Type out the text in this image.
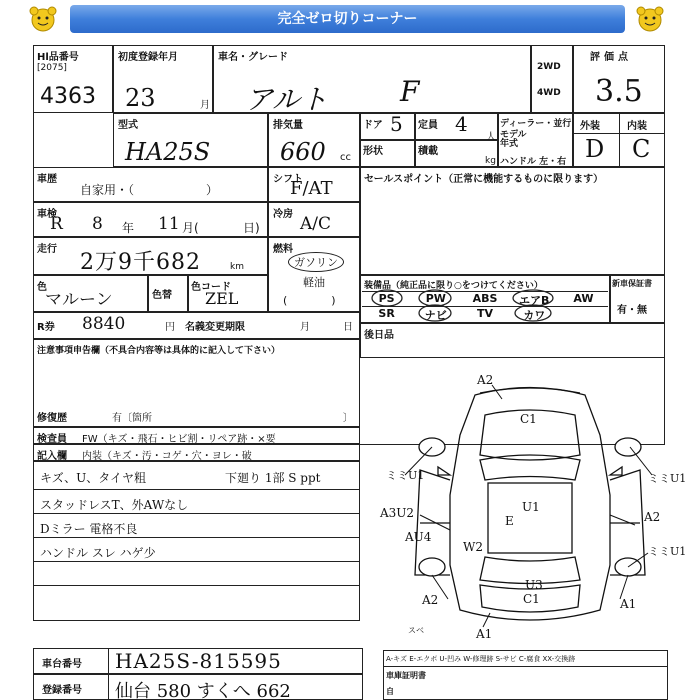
完全ゼロ切りコーナー
Hl品番号
[2075]
4363
初度登録年月
23	月
車名・グレード
アルト	F
2WD
4WD
評価点
3.5
型式
HA25S
排気量
660 cc
ドア 5 定員 4
人
形状	積載
kg
ディーラー・並行
モデル年式
ハンドル 左・右
外装	内装
D C
車歴
自家用・（　　　　　　）
シフト
F/AT
車検
R 8 年 11 月(	日)
冷房 A/C
走行
2万9千682	km
燃料
ガソリン
軽油
(　　　　)
色
マルーン	色替
色コード
ZEL
R券 8840	円 名義変更期限	月	日
注意事項申告欄（不具合内容等は具体的に記入して下さい）
修復歴	有〔箇所	〕
セールスポイント（正常に機能するものに限ります）
装備品（純正品に限り○をつけてください）
PS	PW	ABS	エアB	AW
SR	ナビ	TV	カワ
新車保証書
有・無
後日品
検査員 FW（キズ・飛石・ヒビ割・リペア跡・×要
記入欄 内装（キズ・汚・コゲ・穴・ヨレ・破
キズ、U、タイヤ粗	下廻り 1部 S ppt
スタッドレスT、外AWなし
Dミラー 電格不良
ハンドル スレ ハゲ少
A2
C1
ミミU1	ミミU1
A3U2
AU4
E
U1
W2
A2
ミミU1
U3
C1
A2	A1
A1
スベ
車台番号 HA25S-815595
登録番号 仙台 580 すくへ 662
A-キズ E-エクボ U-凹み W-修理跡 S-サビ C-腐食 XX-交換跡
車庫証明書
自
